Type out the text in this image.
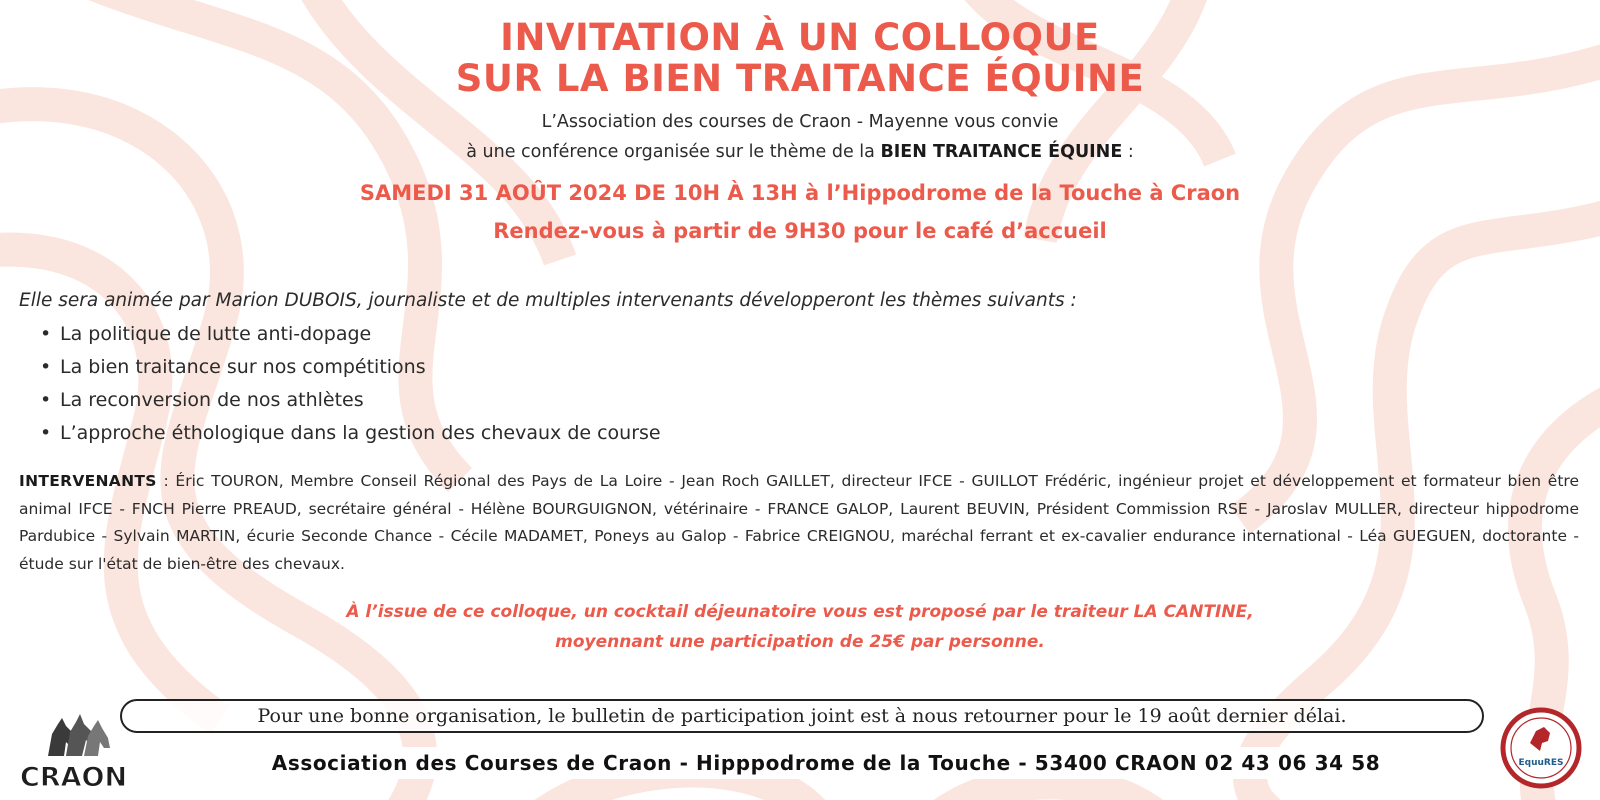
INVITATION À UN COLLOQUE
SUR LA BIEN TRAITANCE ÉQUINE
L’Association des courses de Craon - Mayenne vous convie
à une conférence organisée sur le thème de la BIEN TRAITANCE ÉQUINE :
SAMEDI 31 AOÛT 2024 DE 10H À 13H à l’Hippodrome de la Touche à Craon
Rendez-vous à partir de 9H30 pour le café d’accueil
Elle sera animée par Marion DUBOIS, journaliste et de multiples intervenants développeront les thèmes suivants :
• La politique de lutte anti-dopage
• La bien traitance sur nos compétitions
• La reconversion de nos athlètes
• L’approche éthologique dans la gestion des chevaux de course
INTERVENANTS : Éric TOURON, Membre Conseil Régional des Pays de La Loire - Jean Roch GAILLET, directeur IFCE - GUILLOT Frédéric, ingénieur projet et développement et formateur bien être animal IFCE - FNCH Pierre PREAUD, secrétaire général - Hélène BOURGUIGNON, vétérinaire - FRANCE GALOP, Laurent BEUVIN, Président Commission RSE - Jaroslav MULLER, directeur hippodrome Pardubice - Sylvain MARTIN, écurie Seconde Chance - Cécile MADAMET, Poneys au Galop - Fabrice CREIGNOU, maréchal ferrant et ex-cavalier endurance international - Léa GUEGUEN, doctorante - étude sur l'état de bien-être des chevaux.
À l’issue de ce colloque, un cocktail déjeunatoire vous est proposé par le traiteur LA CANTINE,
moyennant une participation de 25€ par personne.
Pour une bonne organisation, le bulletin de participation joint est à nous retourner pour le 19 août dernier délai.
Association des Courses de Craon - Hipppodrome de la Touche - 53400 CRAON 02 43 06 34 58
CRAON	EquuRES
